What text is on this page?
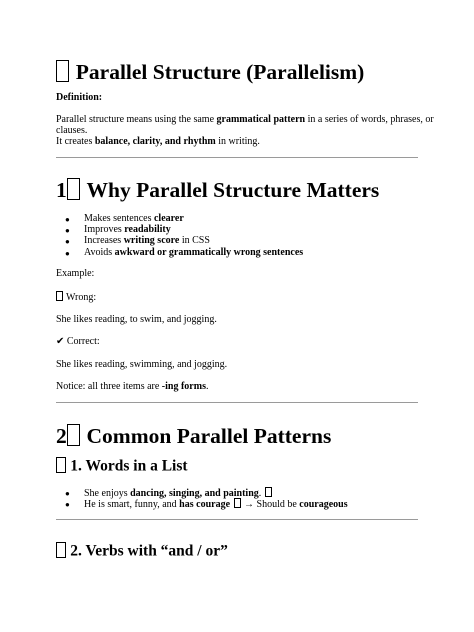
Parallel Structure (Parallelism)
Definition:
Parallel structure means using the same grammatical pattern in a series of words, phrases, or
clauses.
It creates balance, clarity, and rhythm in writing.
1 Why Parallel Structure Matters
● Makes sentences clearer
● Improves readability
● Increases writing score in CSS
● Avoids awkward or grammatically wrong sentences
Example:
Wrong:
She likes reading, to swim, and jogging.
✔ Correct:
She likes reading, swimming, and jogging.
Notice: all three items are -ing forms.
2 Common Parallel Patterns
1. Words in a List
● She enjoys dancing, singing, and painting.
● He is smart, funny, and has courage → Should be courageous
2. Verbs with “and / or”
